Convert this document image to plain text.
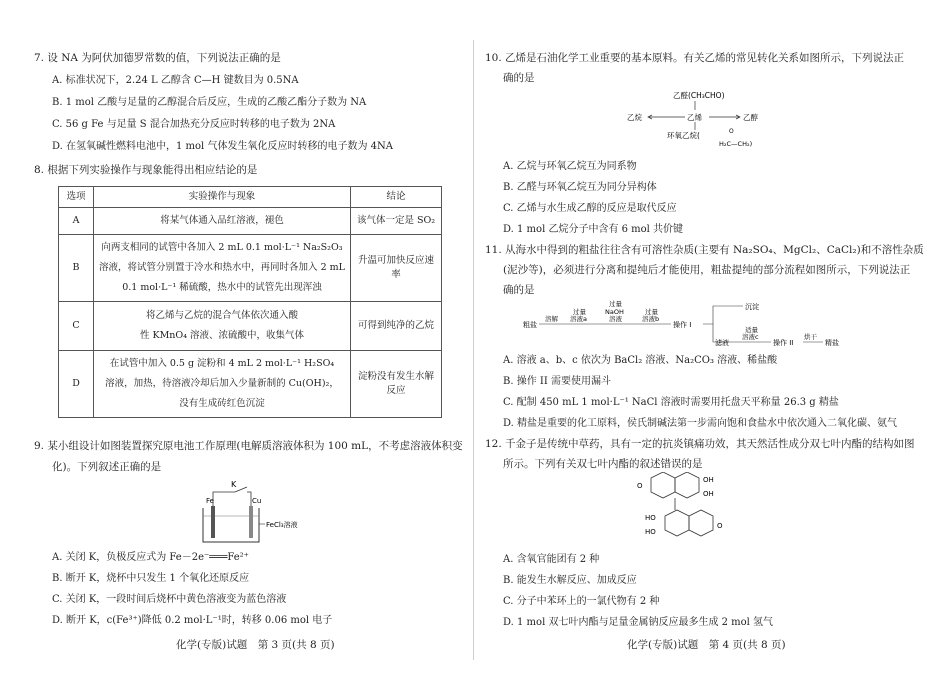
7. 设 NA 为阿伏加德罗常数的值，下列说法正确的是
A. 标准状况下，2.24 L 乙醇含 C—H 键数目为 0.5NA
B. 1 mol 乙酸与足量的乙醇混合后反应，生成的乙酸乙酯分子数为 NA
C. 56 g Fe 与足量 S 混合加热充分反应时转移的电子数为 2NA
D. 在氢氧碱性燃料电池中，1 mol 气体发生氧化反应时转移的电子数为 4NA
8. 根据下列实验操作与现象能得出相应结论的是
选项	实验操作与现象	结论
A	将某气体通入品红溶液，褪色	该气体一定是 SO₂
B	向两支相同的试管中各加入 2 mL 0.1 mol·L⁻¹ Na₂S₂O₃
溶液，将试管分别置于冷水和热水中，再同时各加入 2 mL
0.1 mol·L⁻¹ 稀硫酸，热水中的试管先出现浑浊	升温可加快反应速率
C	将乙烯与乙烷的混合气体依次通入酸
性 KMnO₄ 溶液、浓硫酸中，收集气体	可得到纯净的乙烷
D	在试管中加入 0.5 g 淀粉和 4 mL 2 mol·L⁻¹ H₂SO₄
溶液，加热，待溶液冷却后加入少量新制的 Cu(OH)₂，
没有生成砖红色沉淀	淀粉没有发生水解反应
9. 某小组设计如图装置探究原电池工作原理(电解质溶液体积为 100 mL，不考虑溶液体积变
化)。下列叙述正确的是
K
Fe	Cu
FeCl₃溶液
A. 关闭 K，负极反应式为 Fe－2e⁻═══Fe²⁺
B. 断开 K，烧杯中只发生 1 个氧化还原反应
C. 关闭 K，一段时间后烧杯中黄色溶液变为蓝色溶液
D. 断开 K，c(Fe³⁺)降低 0.2 mol·L⁻¹时，转移 0.06 mol 电子
化学(专版)试题　第 3 页(共 8 页)
10. 乙烯是石油化学工业重要的基本原料。有关乙烯的常见转化关系如图所示，下列说法正
确的是
乙醛(CH₃CHO)
乙烷	乙烯	乙醇
环氧乙烷(	O
H₂C—CH₂)
A. 乙烷与环氧乙烷互为同系物
B. 乙醛与环氧乙烷互为同分异构体
C. 乙烯与水生成乙醇的反应是取代反应
D. 1 mol 乙烷分子中含有 6 mol 共价键
11. 从海水中得到的粗盐往往含有可溶性杂质(主要有 Na₂SO₄、MgCl₂、CaCl₂)和不溶性杂质
(泥沙等)，必须进行分离和提纯后才能使用，粗盐提纯的部分流程如图所示，下列说法正
确的是
粗盐
溶解
过量
溶液a
过量
NaOH
溶液
过量
溶液b
操作 I
沉淀
滤液
适量
溶液c
操作 II
烘干
精盐
A. 溶液 a、b、c 依次为 BaCl₂ 溶液、Na₂CO₃ 溶液、稀盐酸
B. 操作 II 需要使用漏斗
C. 配制 450 mL 1 mol·L⁻¹ NaCl 溶液时需要用托盘天平称量 26.3 g 精盐
D. 精盐是重要的化工原料，侯氏制碱法第一步需向饱和食盐水中依次通入二氧化碳、氨气
12. 千金子是传统中草药，具有一定的抗炎镇痛功效，其天然活性成分双七叶内酯的结构如图
所示。下列有关双七叶内酯的叙述错误的是
O
OH
OH
HO
HO
O
A. 含氧官能团有 2 种
B. 能发生水解反应、加成反应
C. 分子中苯环上的一氯代物有 2 种
D. 1 mol 双七叶内酯与足量金属钠反应最多生成 2 mol 氢气
化学(专版)试题　第 4 页(共 8 页)
